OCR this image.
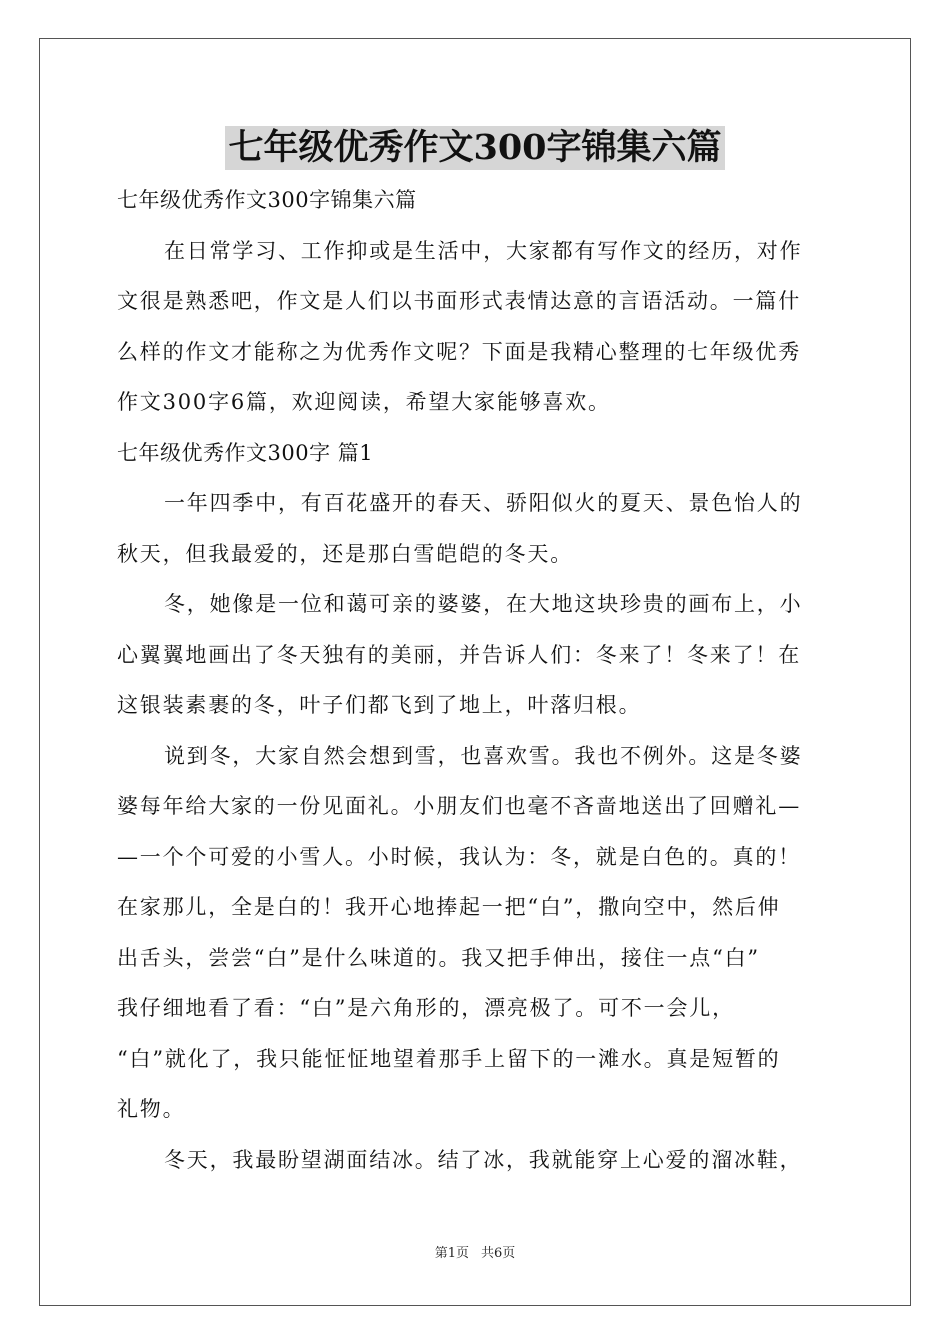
七年级优秀作文300字锦集六篇
七年级优秀作文300字锦集六篇
在日常学习、工作抑或是生活中，大家都有写作文的经历，对作
文很是熟悉吧，作文是人们以书面形式表情达意的言语活动。一篇什
么样的作文才能称之为优秀作文呢？下面是我精心整理的七年级优秀
作文300字6篇，欢迎阅读，希望大家能够喜欢。
七年级优秀作文300字 篇1
一年四季中，有百花盛开的春天、骄阳似火的夏天、景色怡人的
秋天，但我最爱的，还是那白雪皑皑的冬天。
冬，她像是一位和蔼可亲的婆婆，在大地这块珍贵的画布上，小
心翼翼地画出了冬天独有的美丽，并告诉人们：冬来了！冬来了！在
这银装素裹的冬，叶子们都飞到了地上，叶落归根。
说到冬，大家自然会想到雪，也喜欢雪。我也不例外。这是冬婆
婆每年给大家的一份见面礼。小朋友们也毫不吝啬地送出了回赠礼—
—一个个可爱的小雪人。小时候，我认为：冬，就是白色的。真的！
在家那儿，全是白的！我开心地捧起一把“白”，撒向空中，然后伸
出舌头，尝尝“白”是什么味道的。我又把手伸出，接住一点“白”
我仔细地看了看：“白”是六角形的，漂亮极了。可不一会儿，
“白”就化了，我只能怔怔地望着那手上留下的一滩水。真是短暂的
礼物。
冬天，我最盼望湖面结冰。结了冰，我就能穿上心爱的溜冰鞋，
第1页 共6页
